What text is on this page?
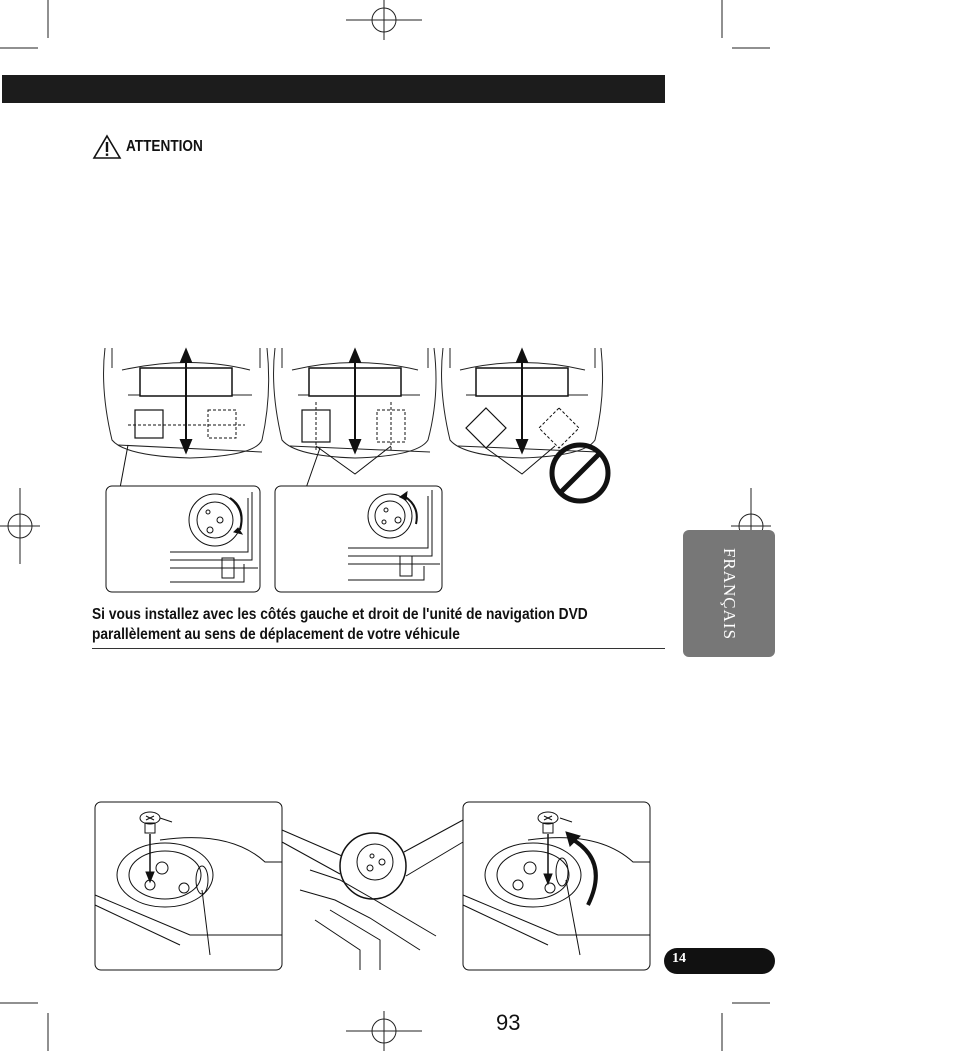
ATTENTION
Si vous installez avec les côtés gauche et droit de l'unité de navigation DVD parallèlement au sens de déplacement de votre véhicule	FRANÇAIS
14
93
